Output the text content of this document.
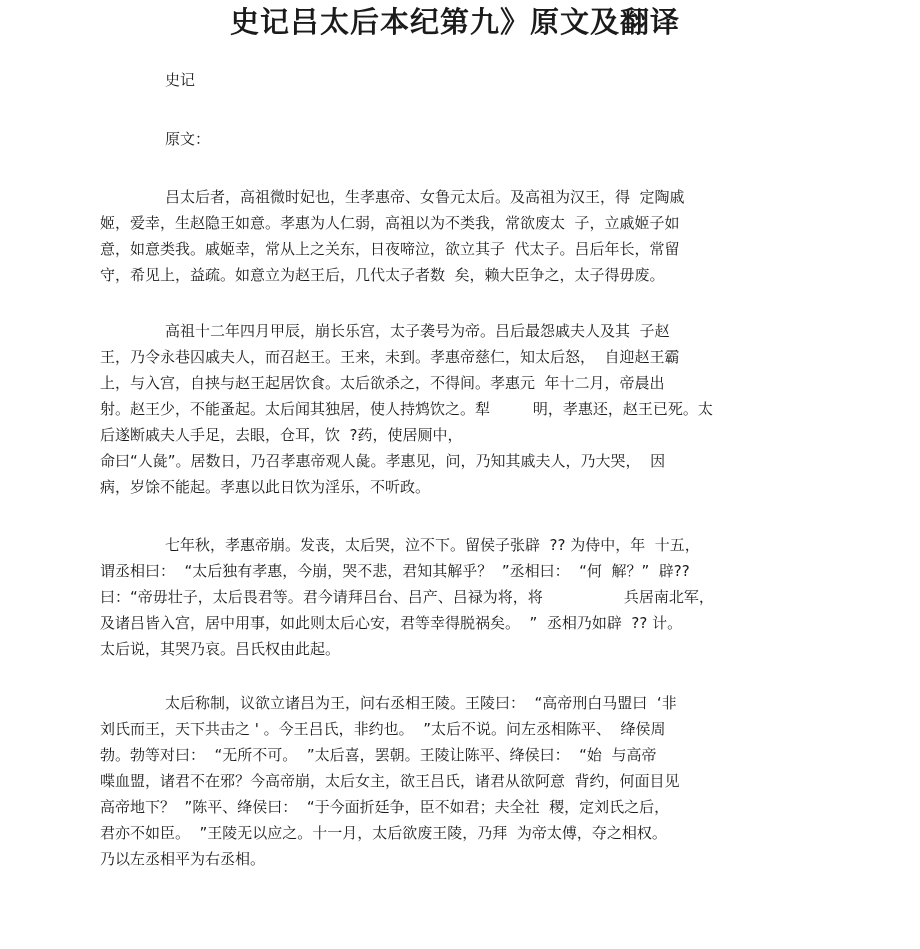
史记吕太后本纪第九》原文及翻译
史记
原文：
吕太后者，高祖微时妃也，生孝惠帝、女鲁元太后。及高祖为汉王，得  定陶戚
姬，爱幸，生赵隐王如意。孝惠为人仁弱，高祖以为不类我，常欲废太  子，立戚姬子如
意，如意类我。戚姬幸，常从上之关东，日夜啼泣，欲立其子  代太子。吕后年长，常留
守，希见上，益疏。如意立为赵王后，几代太子者数  矣，赖大臣争之，太子得毋废。
高祖十二年四月甲辰，崩长乐宫，太子袭号为帝。吕后最怨戚夫人及其  子赵
王，乃令永巷囚戚夫人，而召赵王。王来，未到。孝惠帝慈仁，知太后怒，  自迎赵王霸
上，与入宫，自挟与赵王起居饮食。太后欲杀之，不得间。孝惠元  年十二月，帝晨出
射。赵王少，不能蚤起。太后闻其独居，使人持鸩饮之。犁         明，孝惠还，赵王已死。太
后遂断戚夫人手足，去眼，仓耳，饮  ?药，使居厕中，
命曰“人彘”。居数日，乃召孝惠帝观人彘。孝惠见，问，乃知其戚夫人，乃大哭，  因
病，岁馀不能起。孝惠以此日饮为淫乐，不听政。
七年秋，孝惠帝崩。发丧，太后哭，泣不下。留侯子张辟  ?? 为侍中，年  十五，
谓丞相曰：  “太后独有孝惠，今崩，哭不悲，君知其解乎？  ”丞相曰：  “何  解？”  辟??
曰：“帝毋壮子，太后畏君等。君今请拜吕台、吕产、吕禄为将，将                 兵居南北军，
及诸吕皆入宫，居中用事，如此则太后心安，君等幸得脱祸矣。  ”  丞相乃如辟  ?? 计。
太后说，其哭乃哀。吕氏权由此起。
太后称制，议欲立诸吕为王，问右丞相王陵。王陵曰：  “高帝刑白马盟曰  ‘非
刘氏而王，天下共击之 ' 。今王吕氏，非约也。  ”太后不说。问左丞相陈平、  绛侯周
勃。勃等对曰：  “无所不可。  ”太后喜，罢朝。王陵让陈平、绛侯曰：  “始  与高帝
喋血盟，诸君不在邪？今高帝崩，太后女主，欲王吕氏，诸君从欲阿意  背约，何面目见
高帝地下？  ”陈平、绛侯曰：  “于今面折廷争，臣不如君；夫全社  稷，定刘氏之后，
君亦不如臣。  ”王陵无以应之。十一月，太后欲废王陵，乃拜  为帝太傅，夺之相权。
乃以左丞相平为右丞相。
